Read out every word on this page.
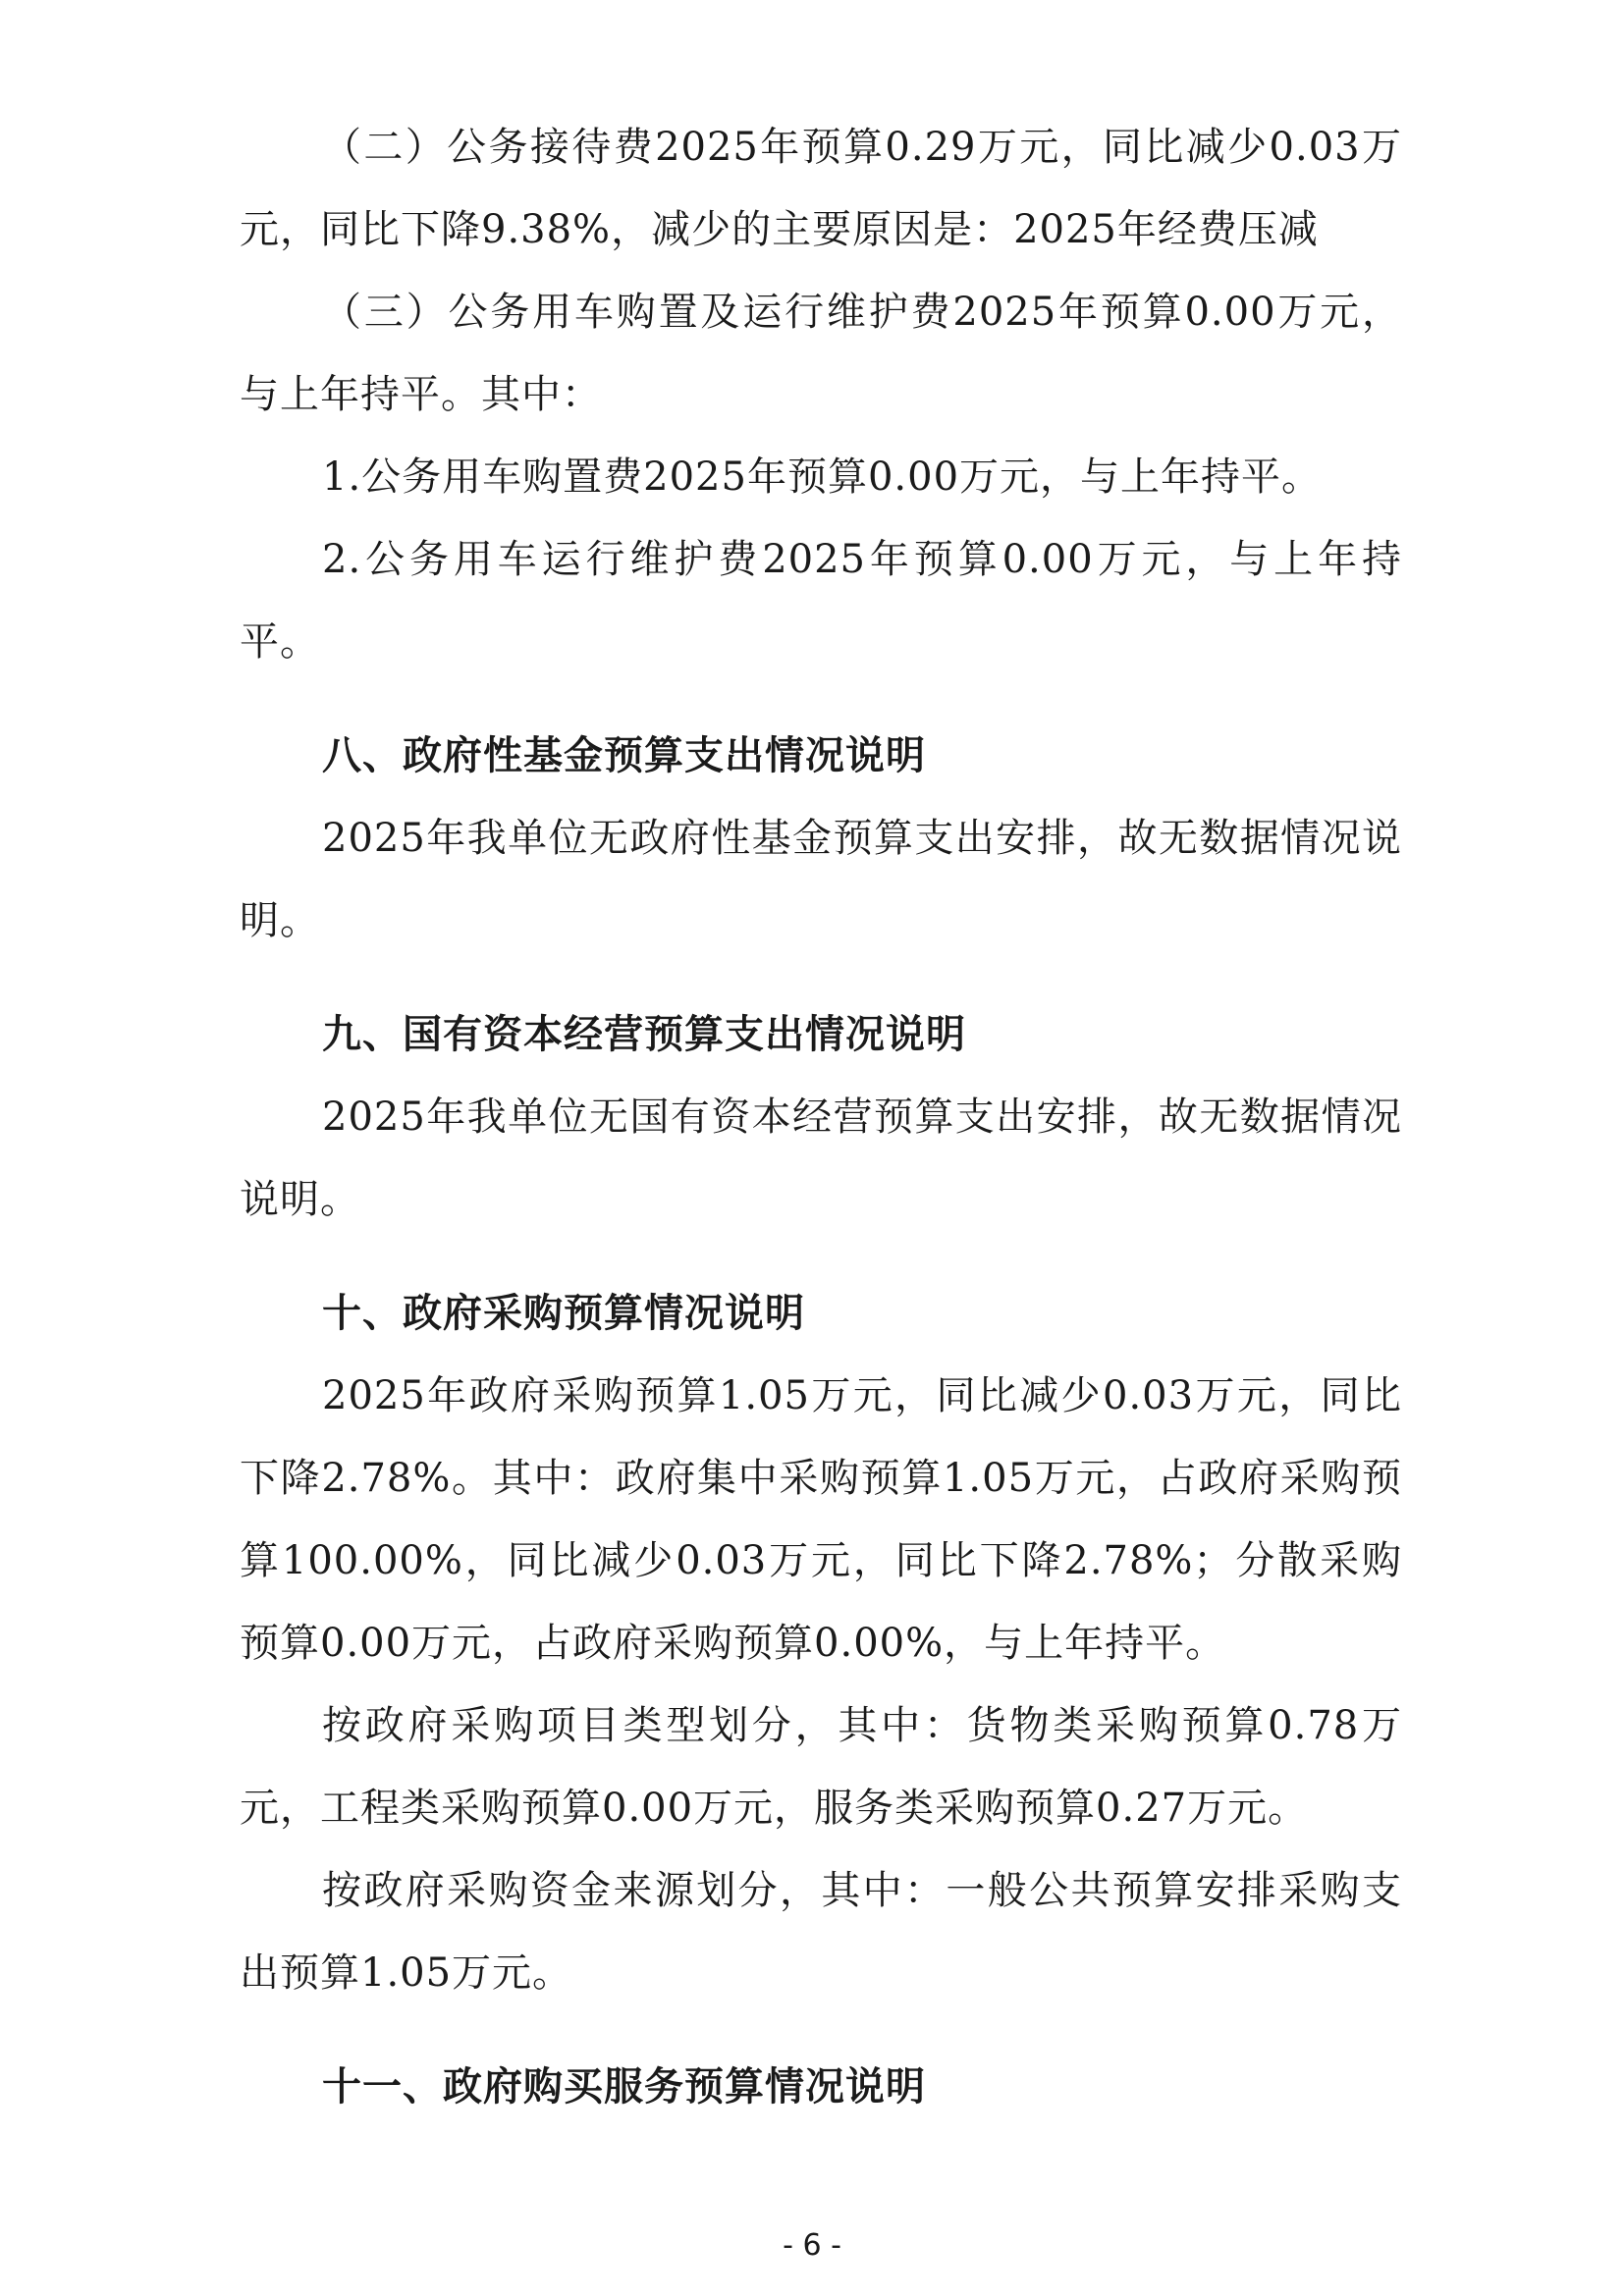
（二）公务接待费2025年预算0.29万元，同比减少0.03万元，同比下降9.38%，减少的主要原因是：2025年经费压减

（三）公务用车购置及运行维护费2025年预算0.00万元，与上年持平。其中：

1.公务用车购置费2025年预算0.00万元，与上年持平。

2.公务用车运行维护费2025年预算0.00万元，与上年持平。

八、政府性基金预算支出情况说明

2025年我单位无政府性基金预算支出安排，故无数据情况说明。

九、国有资本经营预算支出情况说明

2025年我单位无国有资本经营预算支出安排，故无数据情况说明。

十、政府采购预算情况说明

2025年政府采购预算1.05万元，同比减少0.03万元，同比下降2.78%。其中：政府集中采购预算1.05万元，占政府采购预算100.00%，同比减少0.03万元，同比下降2.78%；分散采购预算0.00万元，占政府采购预算0.00%，与上年持平。

按政府采购项目类型划分，其中：货物类采购预算0.78万元，工程类采购预算0.00万元，服务类采购预算0.27万元。

按政府采购资金来源划分，其中：一般公共预算安排采购支出预算1.05万元。

十一、政府购买服务预算情况说明
- 6 -
